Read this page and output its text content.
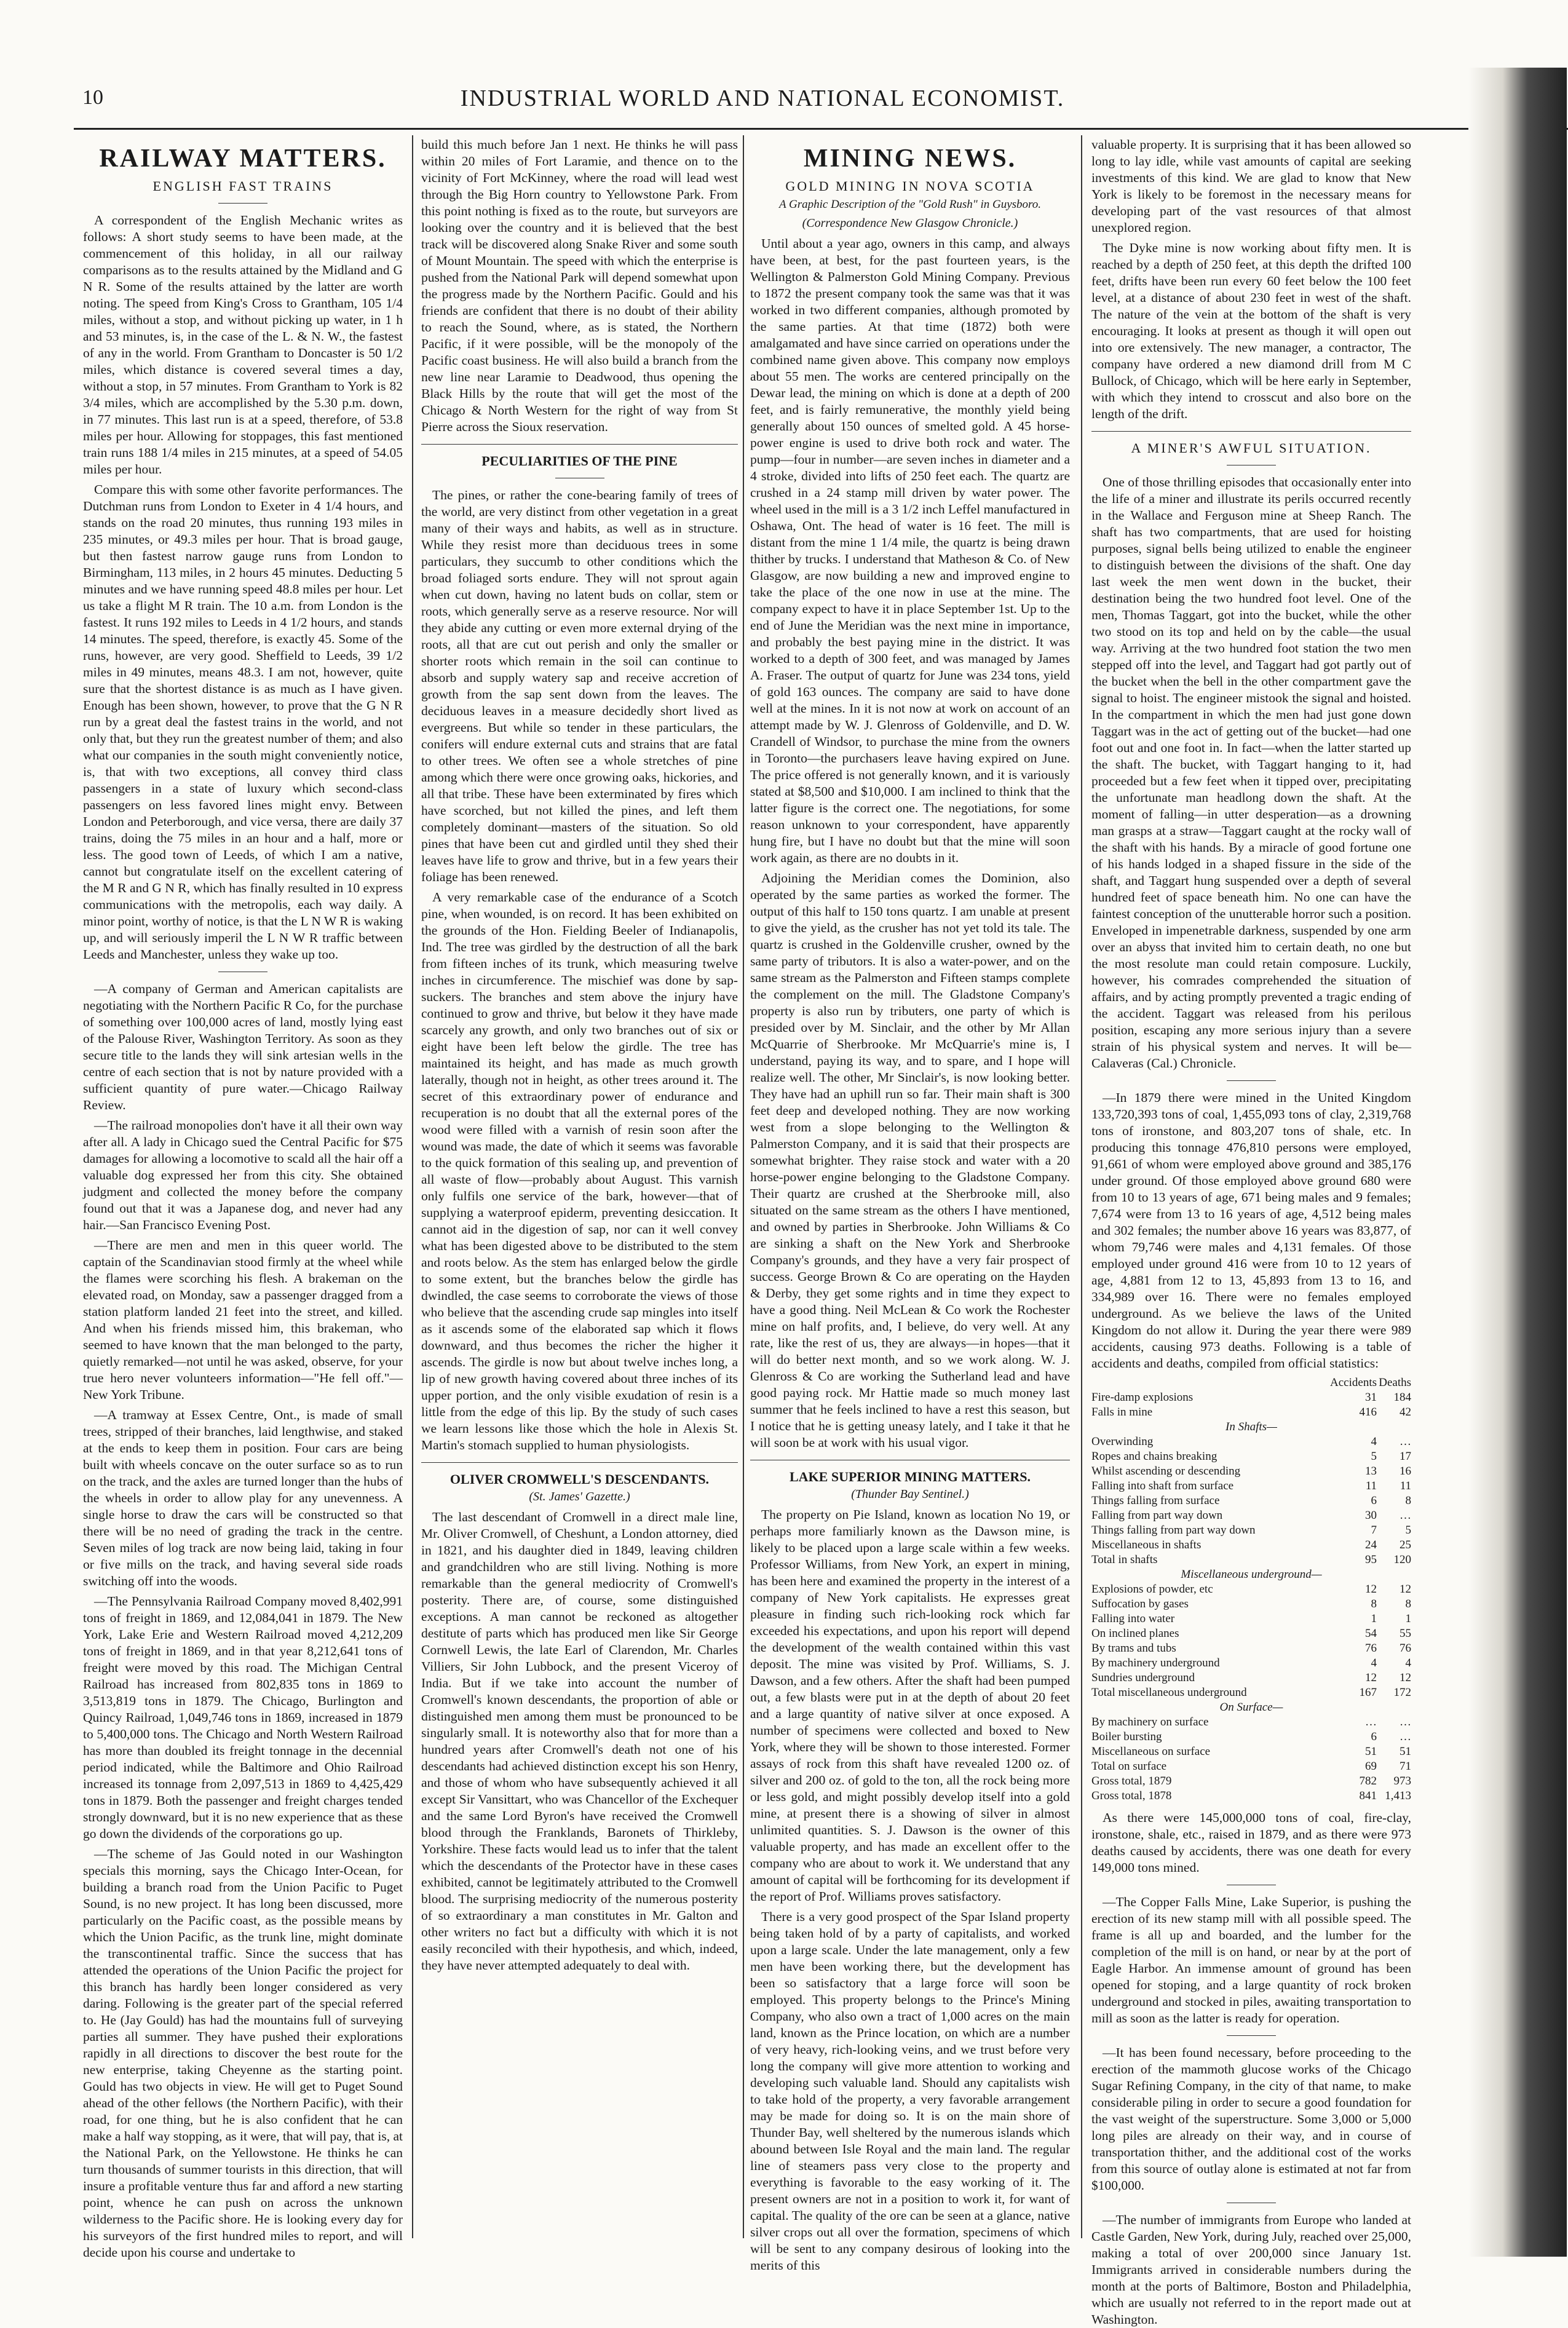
10	INDUSTRIAL WORLD AND NATIONAL ECONOMIST.
RAILWAY MATTERS.
ENGLISH FAST TRAINS

A correspondent of the English Mechanic writes as follows: A short study seems to have been made, at the commencement of this holiday, in all our railway comparisons as to the results attained by the Midland and G N R. Some of the results attained by the latter are worth noting. The speed from King's Cross to Grantham, 105 1/4 miles, without a stop, and without picking up water, in 1 h and 53 minutes, is, in the case of the L. & N. W., the fastest of any in the world. From Grantham to Doncaster is 50 1/2 miles, which distance is covered several times a day, without a stop, in 57 minutes. From Grantham to York is 82 3/4 miles, which are accomplished by the 5.30 p.m. down, in 77 minutes. This last run is at a speed, therefore, of 53.8 miles per hour. Allowing for stoppages, this fast mentioned train runs 188 1/4 miles in 215 minutes, at a speed of 54.05 miles per hour.

Compare this with some other favorite performances. The Dutchman runs from London to Exeter in 4 1/4 hours, and stands on the road 20 minutes, thus running 193 miles in 235 minutes, or 49.3 miles per hour. That is broad gauge, but then fastest narrow gauge runs from London to Birmingham, 113 miles, in 2 hours 45 minutes. Deducting 5 minutes and we have running speed 48.8 miles per hour. Let us take a flight M R train. The 10 a.m. from London is the fastest. It runs 192 miles to Leeds in 4 1/2 hours, and stands 14 minutes. The speed, therefore, is exactly 45. Some of the runs, however, are very good. Sheffield to Leeds, 39 1/2 miles in 49 minutes, means 48.3. I am not, however, quite sure that the shortest distance is as much as I have given. Enough has been shown, however, to prove that the G N R run by a great deal the fastest trains in the world, and not only that, but they run the greatest number of them; and also what our companies in the south might conveniently notice, is, that with two exceptions, all convey third class passengers in a state of luxury which second-class passengers on less favored lines might envy. Between London and Peterborough, and vice versa, there are daily 37 trains, doing the 75 miles in an hour and a half, more or less. The good town of Leeds, of which I am a native, cannot but congratulate itself on the excellent catering of the M R and G N R, which has finally resulted in 10 express communications with the metropolis, each way daily. A minor point, worthy of notice, is that the L N W R is waking up, and will seriously imperil the L N W R traffic between Leeds and Manchester, unless they wake up too.

—A company of German and American capitalists are negotiating with the Northern Pacific R Co, for the purchase of something over 100,000 acres of land, mostly lying east of the Palouse River, Washington Territory. As soon as they secure title to the lands they will sink artesian wells in the centre of each section that is not by nature provided with a sufficient quantity of pure water.—Chicago Railway Review.

—The railroad monopolies don't have it all their own way after all. A lady in Chicago sued the Central Pacific for $75 damages for allowing a locomotive to scald all the hair off a valuable dog expressed her from this city. She obtained judgment and collected the money before the company found out that it was a Japanese dog, and never had any hair.—San Francisco Evening Post.

—There are men and men in this queer world. The captain of the Scandinavian stood firmly at the wheel while the flames were scorching his flesh. A brakeman on the elevated road, on Monday, saw a passenger dragged from a station platform landed 21 feet into the street, and killed. And when his friends missed him, this brakeman, who seemed to have known that the man belonged to the party, quietly remarked—not until he was asked, observe, for your true hero never volunteers information—"He fell off."—New York Tribune.

—A tramway at Essex Centre, Ont., is made of small trees, stripped of their branches, laid lengthwise, and staked at the ends to keep them in position. Four cars are being built with wheels concave on the outer surface so as to run on the track, and the axles are turned longer than the hubs of the wheels in order to allow play for any unevenness. A single horse to draw the cars will be constructed so that there will be no need of grading the track in the centre. Seven miles of log track are now being laid, taking in four or five mills on the track, and having several side roads switching off into the woods.

—The Pennsylvania Railroad Company moved 8,402,991 tons of freight in 1869, and 12,084,041 in 1879. The New York, Lake Erie and Western Railroad moved 4,212,209 tons of freight in 1869, and in that year 8,212,641 tons of freight were moved by this road. The Michigan Central Railroad has increased from 802,835 tons in 1869 to 3,513,819 tons in 1879. The Chicago, Burlington and Quincy Railroad, 1,049,746 tons in 1869, increased in 1879 to 5,400,000 tons. The Chicago and North Western Railroad has more than doubled its freight tonnage in the decennial period indicated, while the Baltimore and Ohio Railroad increased its tonnage from 2,097,513 in 1869 to 4,425,429 tons in 1879. Both the passenger and freight charges tended strongly downward, but it is no new experience that as these go down the dividends of the corporations go up.

—The scheme of Jas Gould noted in our Washington specials this morning, says the Chicago Inter-Ocean, for building a branch road from the Union Pacific to Puget Sound, is no new project. It has long been discussed, more particularly on the Pacific coast, as the possible means by which the Union Pacific, as the trunk line, might dominate the transcontinental traffic. Since the success that has attended the operations of the Union Pacific the project for this branch has hardly been longer considered as very daring. Following is the greater part of the special referred to. He (Jay Gould) has had the mountains full of surveying parties all summer. They have pushed their explorations rapidly in all directions to discover the best route for the new enterprise, taking Cheyenne as the starting point. Gould has two objects in view. He will get to Puget Sound ahead of the other fellows (the Northern Pacific), with their road, for one thing, but he is also confident that he can make a half way stopping, as it were, that will pay, that is, at the National Park, on the Yellowstone. He thinks he can turn thousands of summer tourists in this direction, that will insure a profitable venture thus far and afford a new starting point, whence he can push on across the unknown wilderness to the Pacific shore. He is looking every day for his surveyors of the first hundred miles to report, and will decide upon his course and undertake to

build this much before Jan 1 next. He thinks he will pass within 20 miles of Fort Laramie, and thence on to the vicinity of Fort McKinney, where the road will lead west through the Big Horn country to Yellowstone Park. From this point nothing is fixed as to the route, but surveyors are looking over the country and it is believed that the best track will be discovered along Snake River and some south of Mount Mountain. The speed with which the enterprise is pushed from the National Park will depend somewhat upon the progress made by the Northern Pacific. Gould and his friends are confident that there is no doubt of their ability to reach the Sound, where, as is stated, the Northern Pacific, if it were possible, will be the monopoly of the Pacific coast business. He will also build a branch from the new line near Laramie to Deadwood, thus opening the Black Hills by the route that will get the most of the Chicago & North Western for the right of way from St Pierre across the Sioux reservation.

PECULIARITIES OF THE PINE

The pines, or rather the cone-bearing family of trees of the world, are very distinct from other vegetation in a great many of their ways and habits, as well as in structure. While they resist more than deciduous trees in some particulars, they succumb to other conditions which the broad foliaged sorts endure. They will not sprout again when cut down, having no latent buds on collar, stem or roots, which generally serve as a reserve resource. Nor will they abide any cutting or even more external drying of the roots, all that are cut out perish and only the smaller or shorter roots which remain in the soil can continue to absorb and supply watery sap and receive accretion of growth from the sap sent down from the leaves. The deciduous leaves in a measure decidedly short lived as evergreens. But while so tender in these particulars, the conifers will endure external cuts and strains that are fatal to other trees. We often see a whole stretches of pine among which there were once growing oaks, hickories, and all that tribe. These have been exterminated by fires which have scorched, but not killed the pines, and left them completely dominant—masters of the situation. So old pines that have been cut and girdled until they shed their leaves have life to grow and thrive, but in a few years their foliage has been renewed.

A very remarkable case of the endurance of a Scotch pine, when wounded, is on record. It has been exhibited on the grounds of the Hon. Fielding Beeler of Indianapolis, Ind. The tree was girdled by the destruction of all the bark from fifteen inches of its trunk, which measuring twelve inches in circumference. The mischief was done by sap-suckers. The branches and stem above the injury have continued to grow and thrive, but below it they have made scarcely any growth, and only two branches out of six or eight have been left below the girdle. The tree has maintained its height, and has made as much growth laterally, though not in height, as other trees around it. The secret of this extraordinary power of endurance and recuperation is no doubt that all the external pores of the wood were filled with a varnish of resin soon after the wound was made, the date of which it seems was favorable to the quick formation of this sealing up, and prevention of all waste of flow—probably about August. This varnish only fulfils one service of the bark, however—that of supplying a waterproof epiderm, preventing desiccation. It cannot aid in the digestion of sap, nor can it well convey what has been digested above to be distributed to the stem and roots below. As the stem has enlarged below the girdle to some extent, but the branches below the girdle has dwindled, the case seems to corroborate the views of those who believe that the ascending crude sap mingles into itself as it ascends some of the elaborated sap which it flows downward, and thus becomes the richer the higher it ascends. The girdle is now but about twelve inches long, a lip of new growth having covered about three inches of its upper portion, and the only visible exudation of resin is a little from the edge of this lip. By the study of such cases we learn lessons like those which the hole in Alexis St. Martin's stomach supplied to human physiologists.

OLIVER CROMWELL'S DESCENDANTS.
(St. James' Gazette.)

The last descendant of Cromwell in a direct male line, Mr. Oliver Cromwell, of Cheshunt, a London attorney, died in 1821, and his daughter died in 1849, leaving children and grandchildren who are still living. Nothing is more remarkable than the general mediocrity of Cromwell's posterity. There are, of course, some distinguished exceptions. A man cannot be reckoned as altogether destitute of parts which has produced men like Sir George Cornwell Lewis, the late Earl of Clarendon, Mr. Charles Villiers, Sir John Lubbock, and the present Viceroy of India. But if we take into account the number of Cromwell's known descendants, the proportion of able or distinguished men among them must be pronounced to be singularly small. It is noteworthy also that for more than a hundred years after Cromwell's death not one of his descendants had achieved distinction except his son Henry, and those of whom who have subsequently achieved it all except Sir Vansittart, who was Chancellor of the Exchequer and the same Lord Byron's have received the Cromwell blood through the Franklands, Baronets of Thirkleby, Yorkshire. These facts would lead us to infer that the talent which the descendants of the Protector have in these cases exhibited, cannot be legitimately attributed to the Cromwell blood. The surprising mediocrity of the numerous posterity of so extraordinary a man constitutes in Mr. Galton and other writers no fact but a difficulty with which it is not easily reconciled with their hypothesis, and which, indeed, they have never attempted adequately to deal with.

MINING NEWS.
GOLD MINING IN NOVA SCOTIA
A Graphic Description of the "Gold Rush" in Guysboro.
(Correspondence New Glasgow Chronicle.)

Until about a year ago, owners in this camp, and always have been, at best, for the past fourteen years, is the Wellington & Palmerston Gold Mining Company. Previous to 1872 the present company took the same was that it was worked in two different companies, although promoted by the same parties. At that time (1872) both were amalgamated and have since carried on operations under the combined name given above. This company now employs about 55 men. The works are centered principally on the Dewar lead, the mining on which is done at a depth of 200 feet, and is fairly remunerative, the monthly yield being generally about 150 ounces of smelted gold. A 45 horse-power engine is used to drive both rock and water. The pump—four in number—are seven inches in diameter and a 4 stroke, divided into lifts of 250 feet each. The quartz are crushed in a 24 stamp mill driven by water power. The wheel used in the mill is a 3 1/2 inch Leffel manufactured in Oshawa, Ont. The head of water is 16 feet. The mill is distant from the mine 1 1/4 mile, the quartz is being drawn thither by trucks. I understand that Matheson & Co. of New Glasgow, are now building a new and improved engine to take the place of the one now in use at the mine. The company expect to have it in place September 1st. Up to the end of June the Meridian was the next mine in importance, and probably the best paying mine in the district. It was worked to a depth of 300 feet, and was managed by James A. Fraser. The output of quartz for June was 234 tons, yield of gold 163 ounces. The company are said to have done well at the mines. In it is not now at work on account of an attempt made by W. J. Glenross of Goldenville, and D. W. Crandell of Windsor, to purchase the mine from the owners in Toronto—the purchasers leave having expired on June. The price offered is not generally known, and it is variously stated at $8,500 and $10,000. I am inclined to think that the latter figure is the correct one. The negotiations, for some reason unknown to your correspondent, have apparently hung fire, but I have no doubt but that the mine will soon work again, as there are no doubts in it.

Adjoining the Meridian comes the Dominion, also operated by the same parties as worked the former. The output of this half to 150 tons quartz. I am unable at present to give the yield, as the crusher has not yet told its tale. The quartz is crushed in the Goldenville crusher, owned by the same party of tributors. It is also a water-power, and on the same stream as the Palmerston and Fifteen stamps complete the complement on the mill. The Gladstone Company's property is also run by tributers, one party of which is presided over by M. Sinclair, and the other by Mr Allan McQuarrie of Sherbrooke. Mr McQuarrie's mine is, I understand, paying its way, and to spare, and I hope will realize well. The other, Mr Sinclair's, is now looking better. They have had an uphill run so far. Their main shaft is 300 feet deep and developed nothing. They are now working west from a slope belonging to the Wellington & Palmerston Company, and it is said that their prospects are somewhat brighter. They raise stock and water with a 20 horse-power engine belonging to the Gladstone Company. Their quartz are crushed at the Sherbrooke mill, also situated on the same stream as the others I have mentioned, and owned by parties in Sherbrooke. John Williams & Co are sinking a shaft on the New York and Sherbrooke Company's grounds, and they have a very fair prospect of success. George Brown & Co are operating on the Hayden & Derby, they get some rights and in time they expect to have a good thing. Neil McLean & Co work the Rochester mine on half profits, and, I believe, do very well. At any rate, like the rest of us, they are always—in hopes—that it will do better next month, and so we work along. W. J. Glenross & Co are working the Sutherland lead and have good paying rock. Mr Hattie made so much money last summer that he feels inclined to have a rest this season, but I notice that he is getting uneasy lately, and I take it that he will soon be at work with his usual vigor.

LAKE SUPERIOR MINING MATTERS.
(Thunder Bay Sentinel.)

The property on Pie Island, known as location No 19, or perhaps more familiarly known as the Dawson mine, is likely to be placed upon a large scale within a few weeks. Professor Williams, from New York, an expert in mining, has been here and examined the property in the interest of a company of New York capitalists. He expresses great pleasure in finding such rich-looking rock which far exceeded his expectations, and upon his report will depend the development of the wealth contained within this vast deposit. The mine was visited by Prof. Williams, S. J. Dawson, and a few others. After the shaft had been pumped out, a few blasts were put in at the depth of about 20 feet and a large quantity of native silver at once exposed. A number of specimens were collected and boxed to New York, where they will be shown to those interested. Former assays of rock from this shaft have revealed 1200 oz. of silver and 200 oz. of gold to the ton, all the rock being more or less gold, and might possibly develop itself into a gold mine, at present there is a showing of silver in almost unlimited quantities. S. J. Dawson is the owner of this valuable property, and has made an excellent offer to the company who are about to work it. We understand that any amount of capital will be forthcoming for its development if the report of Prof. Williams proves satisfactory.

There is a very good prospect of the Spar Island property being taken hold of by a party of capitalists, and worked upon a large scale. Under the late management, only a few men have been working there, but the development has been so satisfactory that a large force will soon be employed. This property belongs to the Prince's Mining Company, who also own a tract of 1,000 acres on the main land, known as the Prince location, on which are a number of very heavy, rich-looking veins, and we trust before very long the company will give more attention to working and developing such valuable land. Should any capitalists wish to take hold of the property, a very favorable arrangement may be made for doing so. It is on the main shore of Thunder Bay, well sheltered by the numerous islands which abound between Isle Royal and the main land. The regular line of steamers pass very close to the property and everything is favorable to the easy working of it. The present owners are not in a position to work it, for want of capital. The quality of the ore can be seen at a glance, native silver crops out all over the formation, specimens of which will be sent to any company desirous of looking into the merits of this

valuable property. It is surprising that it has been allowed so long to lay idle, while vast amounts of capital are seeking investments of this kind. We are glad to know that New York is likely to be foremost in the necessary means for developing part of the vast resources of that almost unexplored region.

The Dyke mine is now working about fifty men. It is reached by a depth of 250 feet, at this depth the drifted 100 feet, drifts have been run every 60 feet below the 100 feet level, at a distance of about 230 feet in west of the shaft. The nature of the vein at the bottom of the shaft is very encouraging. It looks at present as though it will open out into ore extensively. The new manager, a contractor, The company have ordered a new diamond drill from M C Bullock, of Chicago, which will be here early in September, with which they intend to crosscut and also bore on the length of the drift.

A MINER'S AWFUL SITUATION.

One of those thrilling episodes that occasionally enter into the life of a miner and illustrate its perils occurred recently in the Wallace and Ferguson mine at Sheep Ranch. The shaft has two compartments, that are used for hoisting purposes, signal bells being utilized to enable the engineer to distinguish between the divisions of the shaft. One day last week the men went down in the bucket, their destination being the two hundred foot level. One of the men, Thomas Taggart, got into the bucket, while the other two stood on its top and held on by the cable—the usual way. Arriving at the two hundred foot station the two men stepped off into the level, and Taggart had got partly out of the bucket when the bell in the other compartment gave the signal to hoist. The engineer mistook the signal and hoisted. In the compartment in which the men had just gone down Taggart was in the act of getting out of the bucket—had one foot out and one foot in. In fact—when the latter started up the shaft. The bucket, with Taggart hanging to it, had proceeded but a few feet when it tipped over, precipitating the unfortunate man headlong down the shaft. At the moment of falling—in utter desperation—as a drowning man grasps at a straw—Taggart caught at the rocky wall of the shaft with his hands. By a miracle of good fortune one of his hands lodged in a shaped fissure in the side of the shaft, and Taggart hung suspended over a depth of several hundred feet of space beneath him. No one can have the faintest conception of the unutterable horror such a position. Enveloped in impenetrable darkness, suspended by one arm over an abyss that invited him to certain death, no one but the most resolute man could retain composure. Luckily, however, his comrades comprehended the situation of affairs, and by acting promptly prevented a tragic ending of the accident. Taggart was released from his perilous position, escaping any more serious injury than a severe strain of his physical system and nerves. It will be—Calaveras (Cal.) Chronicle.

—In 1879 there were mined in the United Kingdom 133,720,393 tons of coal, 1,455,093 tons of clay, 2,319,768 tons of ironstone, and 803,207 tons of shale, etc. In producing this tonnage 476,810 persons were employed, 91,661 of whom were employed above ground and 385,176 under ground. Of those employed above ground 680 were from 10 to 13 years of age, 671 being males and 9 females; 7,674 were from 13 to 16 years of age, 4,512 being males and 302 females; the number above 16 years was 83,877, of whom 79,746 were males and 4,131 females. Of those employed under ground 416 were from 10 to 12 years of age, 4,881 from 12 to 13, 45,893 from 13 to 16, and 334,989 over 16. There were no females employed underground. As we believe the laws of the United Kingdom do not allow it. During the year there were 989 accidents, causing 973 deaths. Following is a table of accidents and deaths, compiled from official statistics:

	Accidents	Deaths
Fire-damp explosions	31	184
Falls in mine	416	42
In Shafts—		
Overwinding	4	…
Ropes and chains breaking	5	17
Whilst ascending or descending	13	16
Falling into shaft from surface	11	11
Things falling from surface	6	8
Falling from part way down	30	…
Things falling from part way down	7	5
Miscellaneous in shafts	24	25
Total in shafts	95	120
Miscellaneous underground—		
Explosions of powder, etc	12	12
Suffocation by gases	8	8
Falling into water	1	1
On inclined planes	54	55
By trams and tubs	76	76
By machinery underground	4	4
Sundries underground	12	12
Total miscellaneous underground	167	172
On Surface—		
By machinery on surface	…	…
Boiler bursting	6	…
Miscellaneous on surface	51	51
Total on surface	69	71
Gross total, 1879	782	973
Gross total, 1878	841	1,413

As there were 145,000,000 tons of coal, fire-clay, ironstone, shale, etc., raised in 1879, and as there were 973 deaths caused by accidents, there was one death for every 149,000 tons mined.

—The Copper Falls Mine, Lake Superior, is pushing the erection of its new stamp mill with all possible speed. The frame is all up and boarded, and the lumber for the completion of the mill is on hand, or near by at the port of Eagle Harbor. An immense amount of ground has been opened for stoping, and a large quantity of rock broken underground and stocked in piles, awaiting transportation to mill as soon as the latter is ready for operation.

—It has been found necessary, before proceeding to the erection of the mammoth glucose works of the Chicago Sugar Refining Company, in the city of that name, to make considerable piling in order to secure a good foundation for the vast weight of the superstructure. Some 3,000 or 5,000 long piles are already on their way, and in course of transportation thither, and the additional cost of the works from this source of outlay alone is estimated at not far from $100,000.

—The number of immigrants from Europe who landed at Castle Garden, New York, during July, reached over 25,000, making a total of over 200,000 since January 1st. Immigrants arrived in considerable numbers during the month at the ports of Baltimore, Boston and Philadelphia, which are usually not referred to in the report made out at Washington.
